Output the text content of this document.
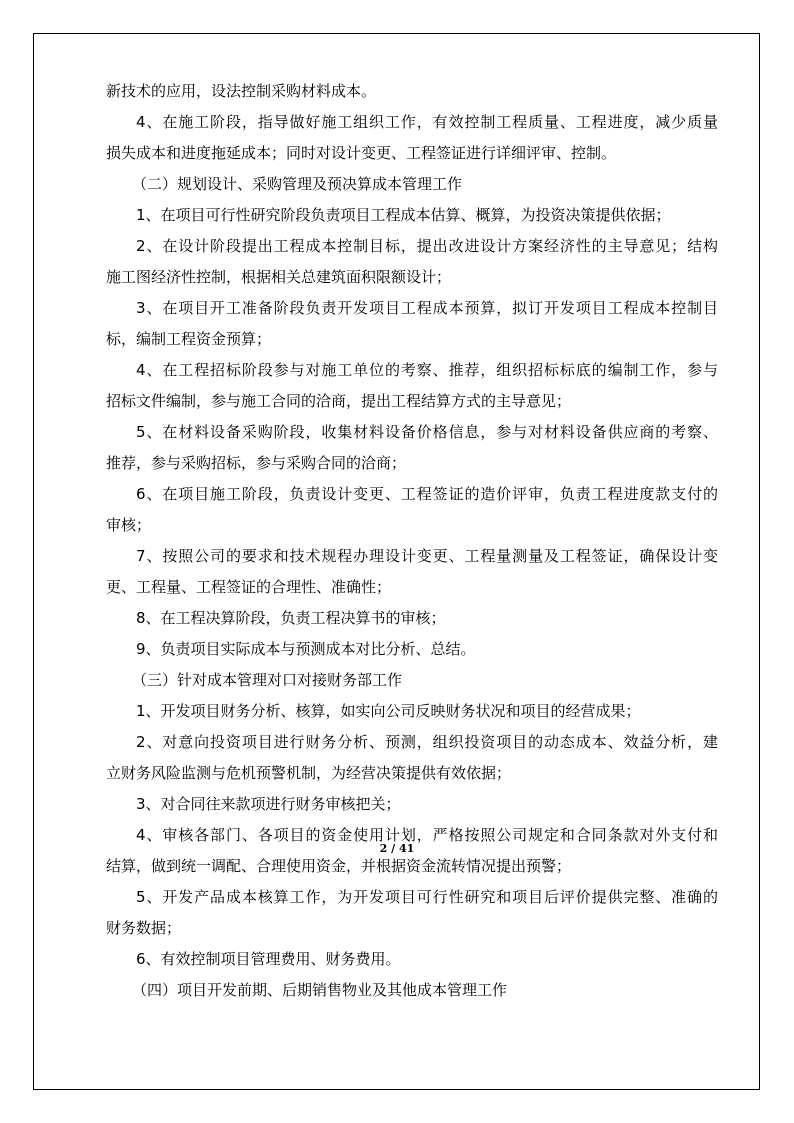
新技术的应用，设法控制采购材料成本。
4、在施工阶段，指导做好施工组织工作，有效控制工程质量、工程进度，减少质量
损失成本和进度拖延成本；同时对设计变更、工程签证进行详细评审、控制。
（二）规划设计、采购管理及预决算成本管理工作
1、在项目可行性研究阶段负责项目工程成本估算、概算，为投资决策提供依据；
2、在设计阶段提出工程成本控制目标，提出改进设计方案经济性的主导意见；结构
施工图经济性控制，根据相关总建筑面积限额设计；
3、在项目开工准备阶段负责开发项目工程成本预算，拟订开发项目工程成本控制目
标，编制工程资金预算；
4、在工程招标阶段参与对施工单位的考察、推荐，组织招标标底的编制工作，参与
招标文件编制，参与施工合同的洽商，提出工程结算方式的主导意见；
5、在材料设备采购阶段，收集材料设备价格信息，参与对材料设备供应商的考察、
推荐，参与采购招标，参与采购合同的洽商；
6、在项目施工阶段，负责设计变更、工程签证的造价评审，负责工程进度款支付的
审核；
7、按照公司的要求和技术规程办理设计变更、工程量测量及工程签证，确保设计变
更、工程量、工程签证的合理性、准确性；
8、在工程决算阶段，负责工程决算书的审核；
9、负责项目实际成本与预测成本对比分析、总结。
（三）针对成本管理对口对接财务部工作
1、开发项目财务分析、核算，如实向公司反映财务状况和项目的经营成果；
2、对意向投资项目进行财务分析、预测，组织投资项目的动态成本、效益分析，建
立财务风险监测与危机预警机制，为经营决策提供有效依据；
3、对合同往来款项进行财务审核把关；
4、审核各部门、各项目的资金使用计划，严格按照公司规定和合同条款对外支付和
结算，做到统一调配、合理使用资金，并根据资金流转情况提出预警；
5、开发产品成本核算工作，为开发项目可行性研究和项目后评价提供完整、准确的
财务数据；
6、有效控制项目管理费用、财务费用。
（四）项目开发前期、后期销售物业及其他成本管理工作
2 / 41
